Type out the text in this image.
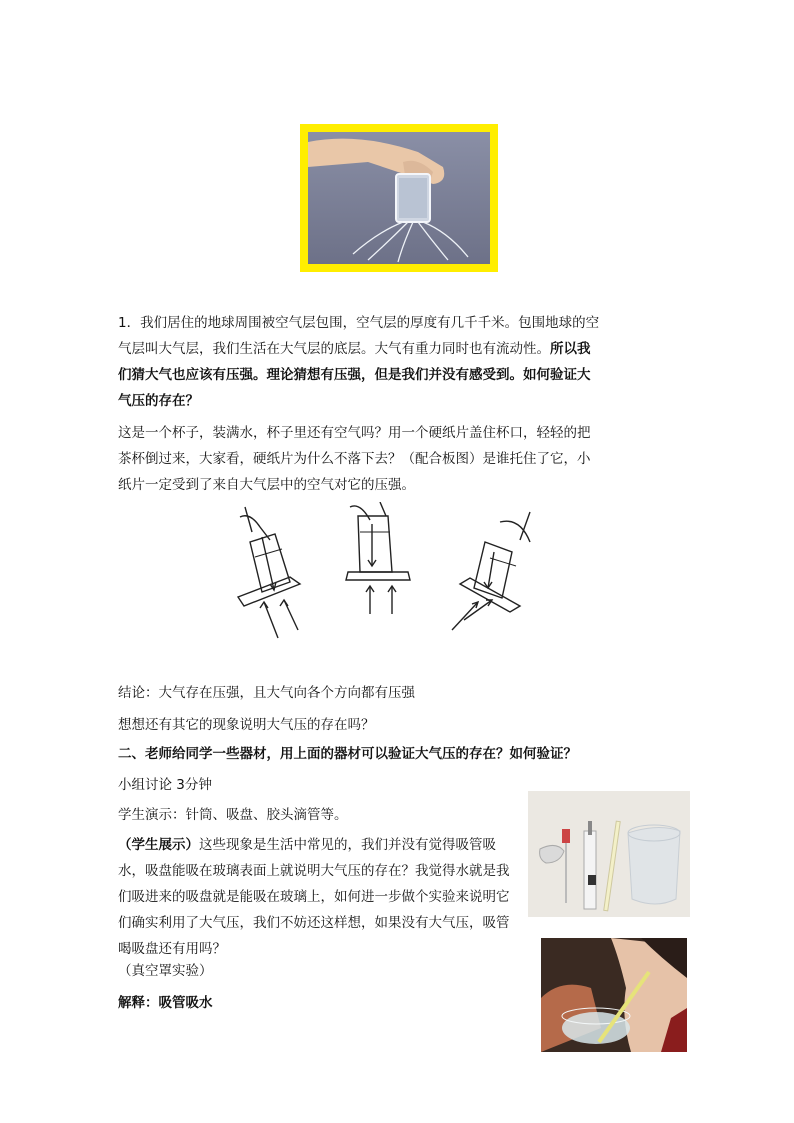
1．我们居住的地球周围被空气层包围，空气层的厚度有几千千米。包围地球的空气层叫大气层，我们生活在大气层的底层。大气有重力同时也有流动性。所以我们猜大气也应该有压强。理论猜想有压强，但是我们并没有感受到。如何验证大气压的存在？
这是一个杯子，装满水，杯子里还有空气吗？用一个硬纸片盖住杯口，轻轻的把茶杯倒过来，大家看，硬纸片为什么不落下去？（配合板图）是谁托住了它，小纸片一定受到了来自大气层中的空气对它的压强。
结论：大气存在压强，且大气向各个方向都有压强
想想还有其它的现象说明大气压的存在吗？
二、老师给同学一些器材，用上面的器材可以验证大气压的存在？如何验证？
小组讨论 3分钟
学生演示：针筒、吸盘、胶头滴管等。
（学生展示）这些现象是生活中常见的，我们并没有觉得吸管吸水，吸盘能吸在玻璃表面上就说明大气压的存在？我觉得水就是我们吸进来的吸盘就是能吸在玻璃上，如何进一步做个实验来说明它们确实利用了大气压，我们不妨还这样想，如果没有大气压，吸管喝吸盘还有用吗？
（真空罩实验）
解释：吸管吸水
